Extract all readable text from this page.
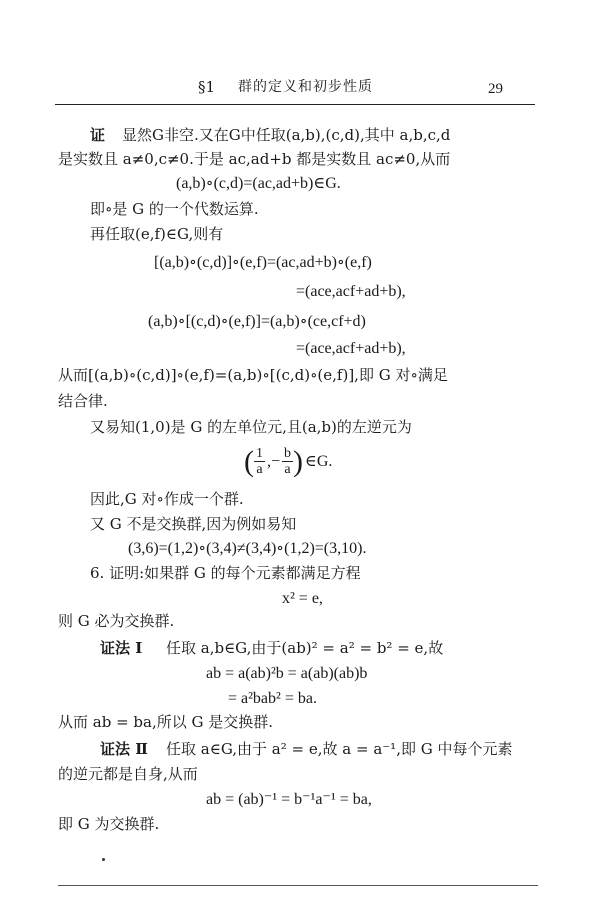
§1 群的定义和初步性质	29
证 显然G非空.又在G中任取(a,b),(c,d),其中 a,b,c,d
是实数且 a≠0,c≠0.于是 ac,ad+b 都是实数且 ac≠0,从而
(a,b)∘(c,d)=(ac,ad+b)∈G.
即∘是 G 的一个代数运算.
再任取(e,f)∈G,则有
[(a,b)∘(c,d)]∘(e,f)=(ac,ad+b)∘(e,f)
=(ace,acf+ad+b),
(a,b)∘[(c,d)∘(e,f)]=(a,b)∘(ce,cf+d)
=(ace,acf+ad+b),
从而[(a,b)∘(c,d)]∘(e,f)=(a,b)∘[(c,d)∘(e,f)],即 G 对∘满足
结合律.
又易知(1,0)是 G 的左单位元,且(a,b)的左逆元为
( $\frac{1}{a}$ ,− $\frac{b}{a}$ ) ∈G.
因此,G 对∘作成一个群.
又 G 不是交换群,因为例如易知
(3,6)=(1,2)∘(3,4)≠(3,4)∘(1,2)=(3,10).
6. 证明:如果群 G 的每个元素都满足方程
x² = e,
则 G 必为交换群.
证法 Ⅰ 任取 a,b∈G,由于(ab)² = a² = b² = e,故
ab = a(ab)²b = a(ab)(ab)b
= a²bab² = ba.
从而 ab = ba,所以 G 是交换群.
证法 Ⅱ 任取 a∈G,由于 a² = e,故 a = a⁻¹,即 G 中每个元素
的逆元都是自身,从而
ab = (ab)⁻¹ = b⁻¹a⁻¹ = ba,
即 G 为交换群.
